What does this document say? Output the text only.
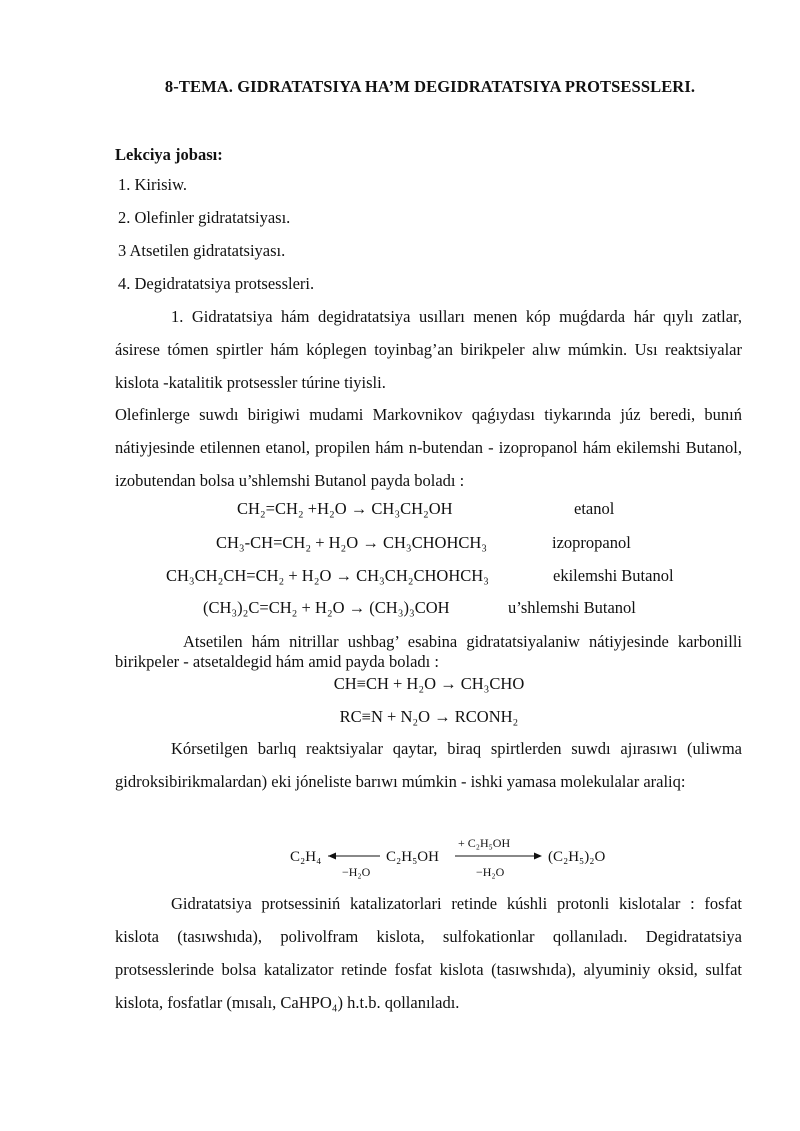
8-TEMA. GIDRATATSIYA HA’M DEGIDRATATSIYA PROTSESSLERI.
Lekciya jobası:
1. Kirisiw.
2. Olefinler gidratatsiyası.
3 Atsetilen gidratatsiyası.
4. Degidratatsiya protsessleri.

1. Gidratatsiya hám degidratatsiya usılları menen kóp muǵdarda hár qıylı zatlar, ásirese tómen spirtler hám kóplegen toyinbag’an birikpeler alıw múmkin. Usı reaktsiyalar kislota -katalitik protsessler túrine tiyisli.

Olefinlerge suwdı birigiwi mudami Markovnikov qaǵıydası tiykarında júz beredi, bunıń nátiyjesinde etilennen etanol, propilen hám n-butendan - izopropanol hám ekilemshi Butanol, izobutendan bolsa u’shlemshi Butanol payda boladı :

CH₂=CH₂ +H₂O → CH₃CH₂OH	etanol
CH₃-CH=CH₂ + H₂O → CH₃CHOHCH₃	izopropanol
CH₃CH₂CH=CH₂ + H₂O → CH₃CH₂CHOHCH₃	ekilemshi Butanol
(CH₃)₂C=CH₂ + H₂O → (CH₃)₃COH	u’shlemshi Butanol

Atsetilen hám nitrillar ushbag’ esabina gidratatsiyalaniw nátiyjesinde karbonilli birikpeler - atsetaldegid hám amid payda boladı :

CH≡CH + H₂O → CH₃CHO
RC≡N + N₂O → RCONH₂

Kórsetilgen barlıq reaktsiyalar qaytar, biraq spirtlerden suwdı ajırasıwı (uliwma gidroksibirikmalardan) eki jóneliste barıwı múmkin - ishki yamasa molekulalar araliq:

C₂H₄
−H₂O
C₂H₅OH
+ C₂H₅OH
−H₂O
(C₂H₅)₂O

Gidratatsiya protsessiniń katalizatorlari retinde kúshli protonli kislotalar : fosfat kislota (tasıwshıda), polivolfram kislota, sulfokationlar qollanıladı. Degidratatsiya protsesslerinde bolsa katalizator retinde fosfat kislota (tasıwshıda), alyuminiy oksid, sulfat kislota, fosfatlar (mısalı, CaHPO₄) h.t.b. qollanıladı.
